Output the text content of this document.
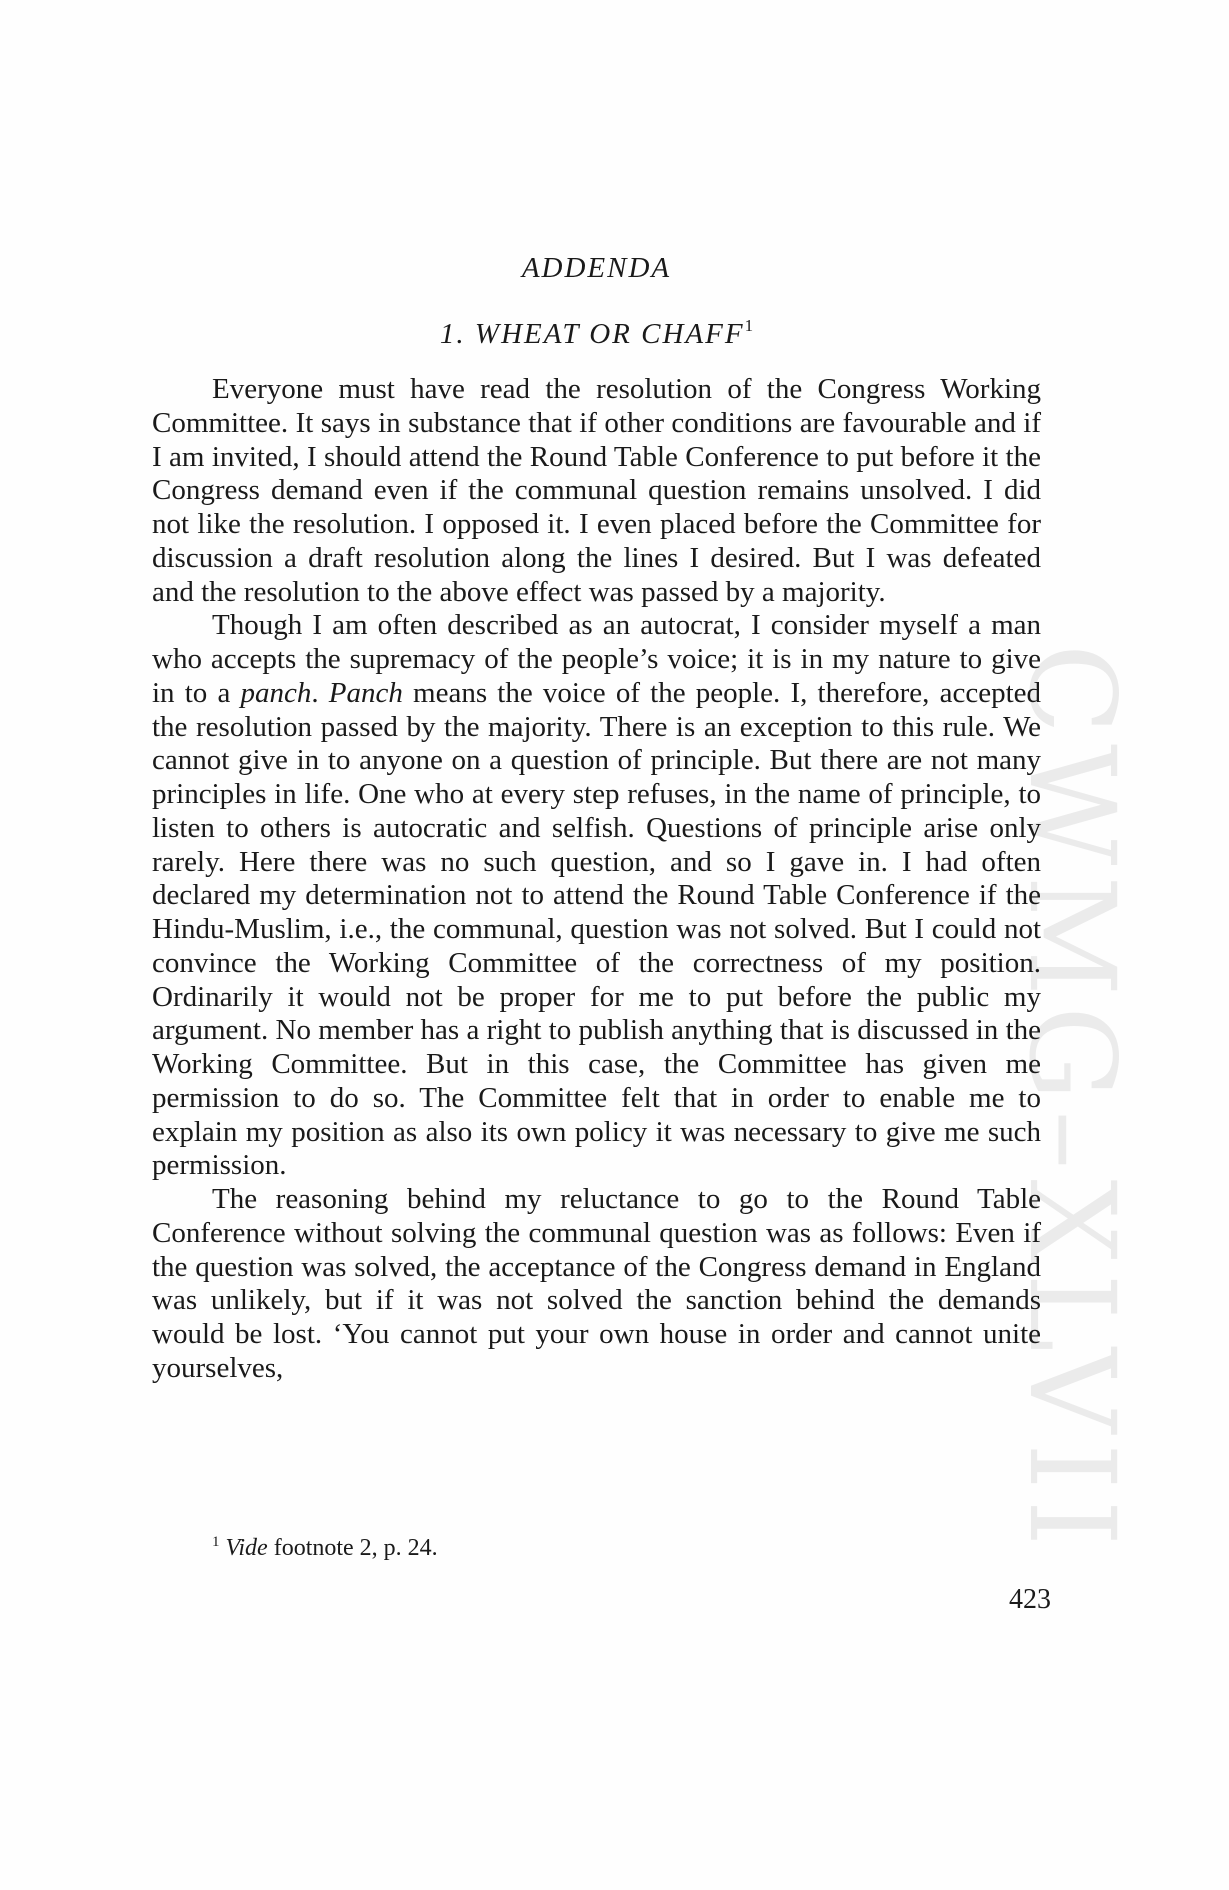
CWMG–XLVII
ADDENDA
1. WHEAT OR CHAFF$^1$

Everyone must have read the resolution of the Congress Working Committee. It says in substance that if other conditions are favourable and if I am invited, I should attend the Round Table Conference to put before it the Congress demand even if the communal question remains unsolved. I did not like the resolution. I opposed it. I even placed before the Committee for discussion a draft resolution along the lines I desired. But I was defeated and the resolution to the above effect was passed by a majority.

Though I am often described as an autocrat, I consider myself a man who accepts the supremacy of the people’s voice; it is in my nature to give in to a panch. Panch means the voice of the people. I, therefore, accepted the resolution passed by the majority. There is an exception to this rule. We cannot give in to anyone on a question of principle. But there are not many principles in life. One who at every step refuses, in the name of principle, to listen to others is autocratic and selfish. Questions of principle arise only rarely. Here there was no such question, and so I gave in. I had often declared my determination not to attend the Round Table Conference if the Hindu-Muslim, i.e., the communal, question was not solved. But I could not convince the Working Committee of the correctness of my position. Ordinarily it would not be proper for me to put before the public my argument. No member has a right to publish anything that is discussed in the Working Committee. But in this case, the Committee has given me permission to do so. The Committee felt that in order to enable me to explain my position as also its own policy it was necessary to give me such permission.

The reasoning behind my reluctance to go to the Round Table Conference without solving the communal question was as follows: Even if the question was solved, the acceptance of the Congress demand in England was unlikely, but if it was not solved the sanction behind the demands would be lost. ‘You cannot put your own house in order and cannot unite yourselves,

$^1$ Vide footnote 2, p. 24.

423
